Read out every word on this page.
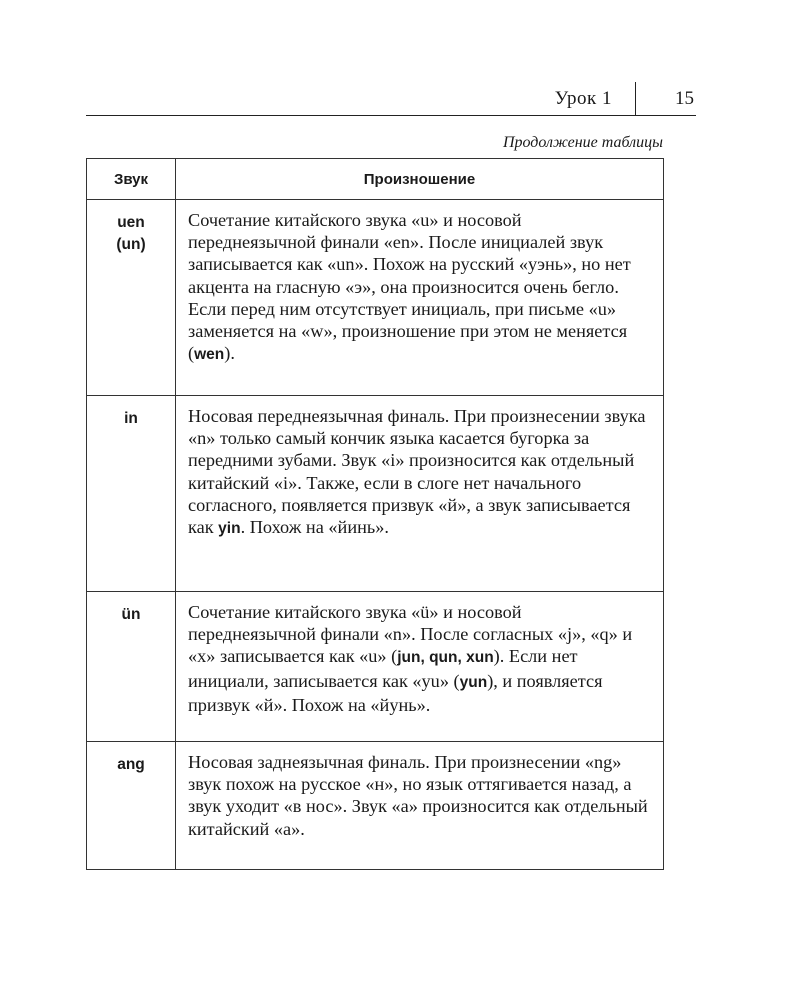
Урок 1	15
Продолжение таблицы
Звук	Произношение

uen
(un)	Сочетание китайского звука «u» и носовой переднеязычной финали «en». После инициалей звук записывается как «un». Похож на русский «уэнь», но нет акцента на гласную «э», она произносится очень бегло. Если перед ним отсутствует инициаль, при письме «u» заменяется на «w», произношение при этом не меняется (wen).

in	Носовая переднеязычная финаль. При произнесении звука «n» только самый кончик языка касается бугорка за передними зубами. Звук «i» произносится как отдельный китайский «i». Также, если в слоге нет начального согласного, появляется призвук «й», а звук записывается как yin. Похож на «йинь».

ün	Сочетание китайского звука «ü» и носовой переднеязычной финали «n». После согласных «j», «q» и «x» записывается как «u» (jun, qun, xun). Если нет инициали, записывается как «yu» (yun), и появляется призвук «й». Похож на «йунь».

ang	Носовая заднеязычная финаль. При произнесении «ng» звук похож на русское «н», но язык оттягивается назад, а звук уходит «в нос». Звук «a» произносится как отдельный китайский «a».
